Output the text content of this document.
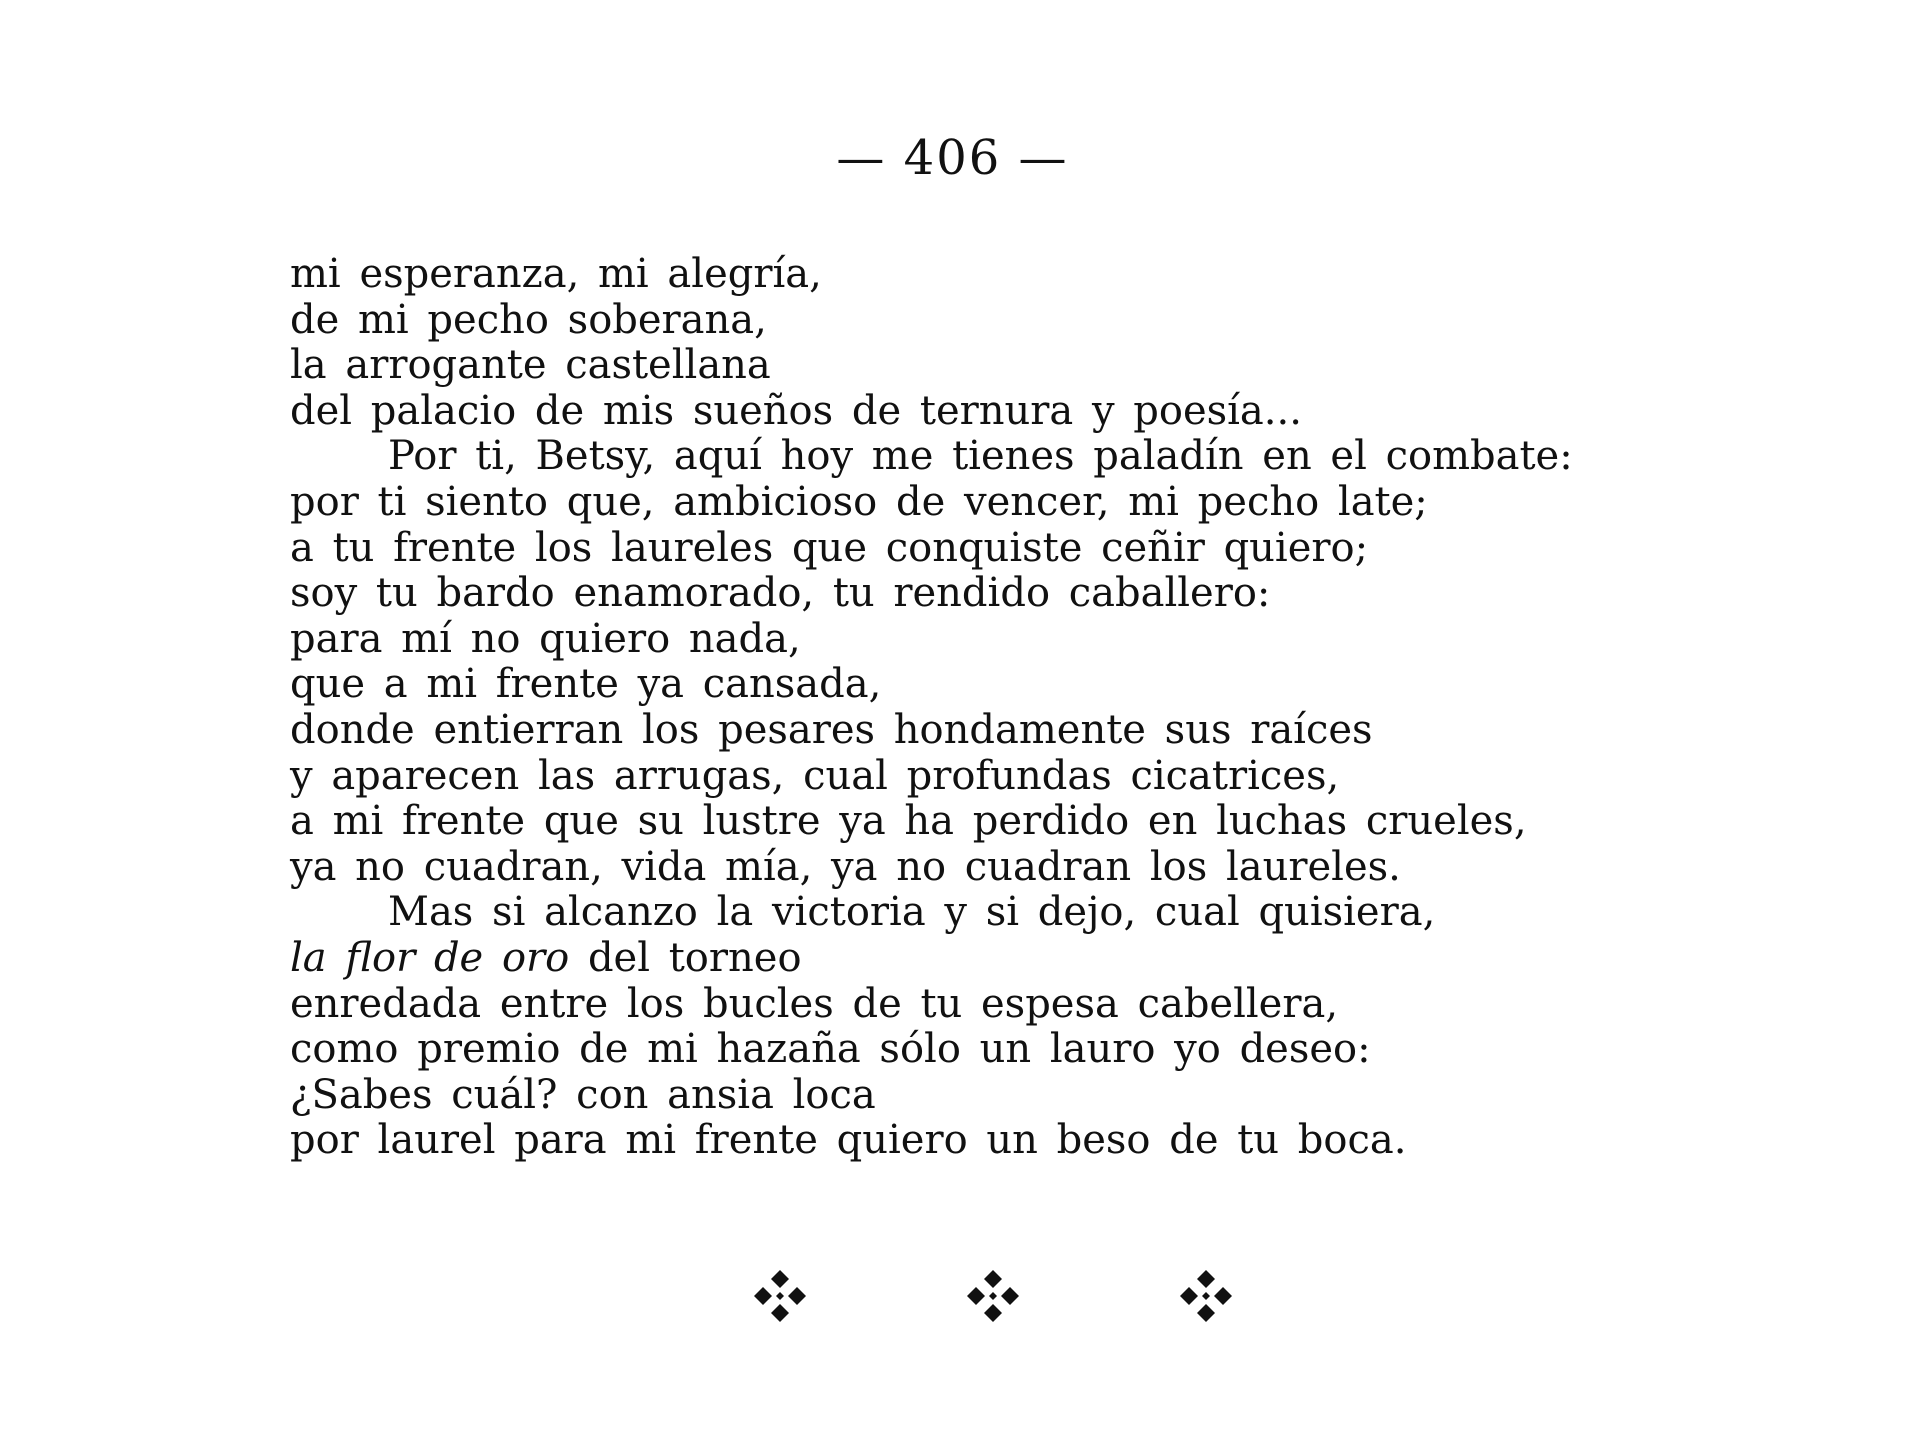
— 406 —
mi esperanza, mi alegría,
de mi pecho soberana,
la arrogante castellana
del palacio de mis sueños de ternura y poesía...
Por ti, Betsy, aquí hoy me tienes paladín en el combate:
por ti siento que, ambicioso de vencer, mi pecho late;
a tu frente los laureles que conquiste ceñir quiero;
soy tu bardo enamorado, tu rendido caballero:
para mí no quiero nada,
que a mi frente ya cansada,
donde entierran los pesares hondamente sus raíces
y aparecen las arrugas, cual profundas cicatrices,
a mi frente que su lustre ya ha perdido en luchas crueles,
ya no cuadran, vida mía, ya no cuadran los laureles.
Mas si alcanzo la victoria y si dejo, cual quisiera,
la flor de oro del torneo
enredada entre los bucles de tu espesa cabellera,
como premio de mi hazaña sólo un lauro yo deseo:
¿Sabes cuál? con ansia loca
por laurel para mi frente quiero un beso de tu boca.
